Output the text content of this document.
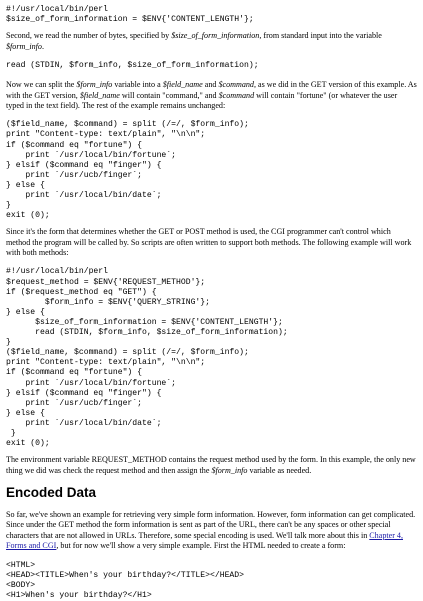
#!/usr/local/bin/perl
$size_of_form_information = $ENV{'CONTENT_LENGTH'};

Second, we read the number of bytes, specified by $size_of_form_information, from standard input into the variable $form_info.

read (STDIN, $form_info, $size_of_form_information);

Now we can split the $form_info variable into a $field_name and $command, as we did in the GET version of this example. As with the GET version, $field_name will contain "command," and $command will contain "fortune" (or whatever the user typed in the text field). The rest of the example remains unchanged:

($field_name, $command) = split (/=/, $form_info);
print "Content-type: text/plain", "\n\n";
if ($command eq "fortune") {
print `/usr/local/bin/fortune`;
} elsif ($command eq "finger") {
print `/usr/ucb/finger`;
} else {
print `/usr/local/bin/date`;
}
exit (0);

Since it's the form that determines whether the GET or POST method is used, the CGI programmer can't control which method the program will be called by. So scripts are often written to support both methods. The following example will work with both methods:

#!/usr/local/bin/perl
$request_method = $ENV{'REQUEST_METHOD'};
if ($request_method eq "GET") {
$form_info = $ENV{'QUERY_STRING'};
} else {
$size_of_form_information = $ENV{'CONTENT_LENGTH'};
read (STDIN, $form_info, $size_of_form_information);
}
($field_name, $command) = split (/=/, $form_info);
print "Content-type: text/plain", "\n\n";
if ($command eq "fortune") {
print `/usr/local/bin/fortune`;
} elsif ($command eq "finger") {
print `/usr/ucb/finger`;
} else {
print `/usr/local/bin/date`;
}
exit (0);

The environment variable REQUEST_METHOD contains the request method used by the form. In this example, the only new thing we did was check the request method and then assign the $form_info variable as needed.

Encoded Data

So far, we've shown an example for retrieving very simple form information. However, form information can get complicated. Since under the GET method the form information is sent as part of the URL, there can't be any spaces or other special characters that are not allowed in URLs. Therefore, some special encoding is used. We'll talk more about this in Chapter 4, Forms and CGI, but for now we'll show a very simple example. First the HTML needed to create a form:

<HTML>
<HEAD><TITLE>When's your birthday?</TITLE></HEAD>
<BODY>
<H1>When's your birthday?</H1>
